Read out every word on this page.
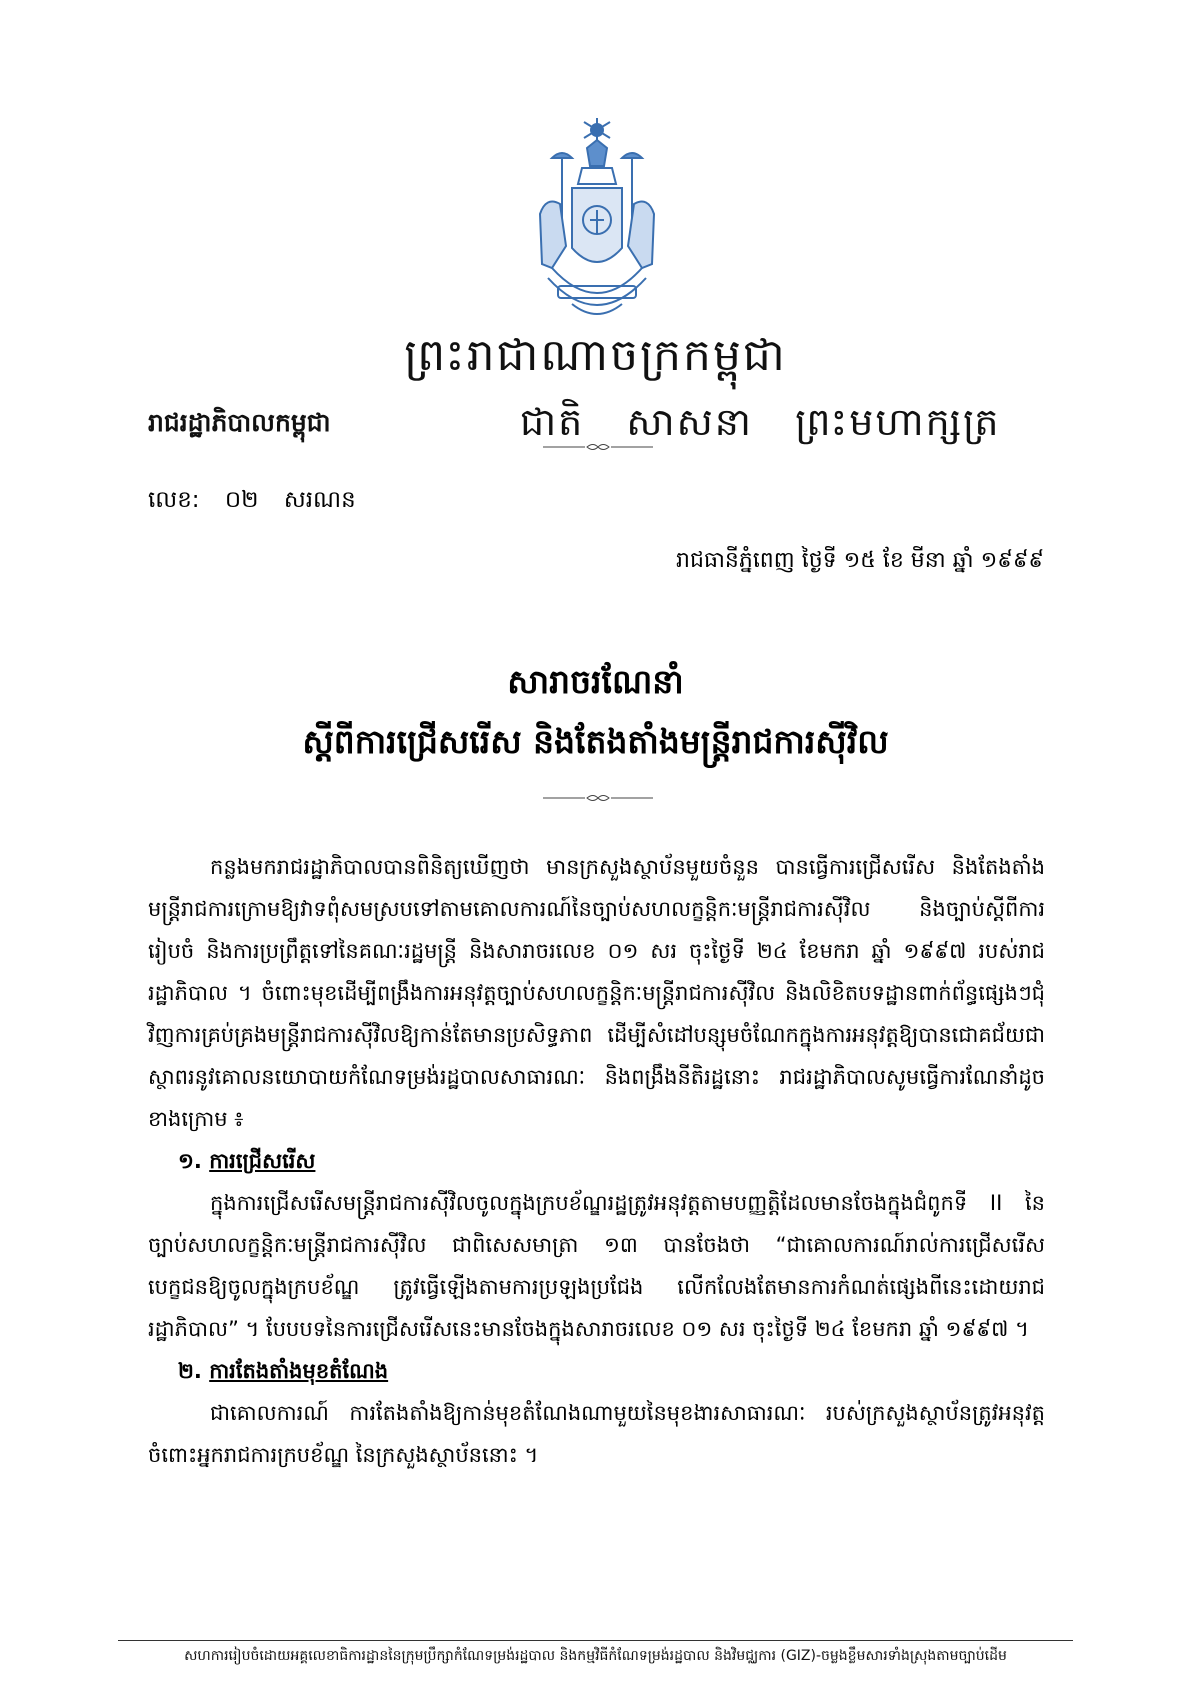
ព្រះរាជាណាចក្រកម្ពុជា
រាជរដ្ឋាភិបាលកម្ពុជា	ជាតិ សាសនា ព្រះមហាក្សត្រ
លេខ: ០២ សរណន
រាជធានីភ្នំពេញ ថ្ងៃទី ១៥ ខែ មីនា ឆ្នាំ ១៩៩៩
សារាចរណែនាំ
ស្តីពីការជ្រើសរើស និងតែងតាំងមន្ត្រីរាជការស៊ីវិល

កន្លងមករាជរដ្ឋាភិបាលបានពិនិត្យឃើញថា មានក្រសួងស្ថាប័នមួយចំនួន បានធ្វើការជ្រើសរើស និងតែងតាំងមន្ត្រីរាជការក្រោមឱ្យវាទពុំសមស្របទៅតាមគោលការណ៍នៃច្បាប់សហលក្ខន្តិកៈមន្ត្រីរាជការស៊ីវិល និងច្បាប់ស្តីពីការរៀបចំ និងការប្រព្រឹត្តទៅនៃគណៈរដ្ឋមន្ត្រី និងសារាចរលេខ ០១ សរ ចុះថ្ងៃទី ២៤ ខែមករា ឆ្នាំ ១៩៩៧ របស់រាជរដ្ឋាភិបាល ។ ចំពោះមុខដើម្បីពង្រឹងការអនុវត្តច្បាប់សហលក្ខន្តិកៈមន្ត្រីរាជការស៊ីវិល និងលិខិតបទដ្ឋានពាក់ព័ន្ធផ្សេងៗជុំវិញការគ្រប់គ្រងមន្ត្រីរាជការស៊ីវិលឱ្យកាន់តែមានប្រសិទ្ធភាព ដើម្បីសំដៅបន្សុមចំណែកក្នុងការអនុវត្តឱ្យបានជោគជ័យជាស្ថាពរនូវគោលនយោបាយកំណែទម្រង់រដ្ឋបាលសាធារណៈ និងពង្រឹងនីតិរដ្ឋនោះ រាជរដ្ឋាភិបាលសូមធ្វើការណែនាំដូចខាងក្រោម ៖

១. ការជ្រើសរើស

ក្នុងការជ្រើសរើសមន្ត្រីរាជការស៊ីវិលចូលក្នុងក្របខ័ណ្ឌរដ្ឋត្រូវអនុវត្តតាមបញ្ញត្តិដែលមានចែងក្នុងជំពូកទី II នៃច្បាប់សហលក្ខន្តិកៈមន្ត្រីរាជការស៊ីវិល ជាពិសេសមាត្រា ១៣ បានចែងថា “ជាគោលការណ៍រាល់ការជ្រើសរើសបេក្ខជនឱ្យចូលក្នុងក្របខ័ណ្ឌ ត្រូវធ្វើឡើងតាមការប្រឡងប្រជែង លើកលែងតែមានការកំណត់ផ្សេងពីនេះដោយរាជរដ្ឋាភិបាល” ។ បែបបទនៃការជ្រើសរើសនេះមានចែងក្នុងសារាចរលេខ ០១ សរ ចុះថ្ងៃទី ២៤ ខែមករា ឆ្នាំ ១៩៩៧ ។

២. ការតែងតាំងមុខតំណែង

ជាគោលការណ៍ ការតែងតាំងឱ្យកាន់មុខតំណែងណាមួយនៃមុខងារសាធារណៈ របស់ក្រសួងស្ថាប័នត្រូវអនុវត្តចំពោះអ្នករាជការក្របខ័ណ្ឌ នៃក្រសួងស្ថាប័ននោះ ។

សហការរៀបចំដោយអគ្គលេខាធិការដ្ឋាននៃក្រុមប្រឹក្សាកំណែទម្រង់រដ្ឋបាល និងកម្មវិធីកំណែទម្រង់រដ្ឋបាល និងវិមជ្ឈការ (GIZ)-ចម្លងខ្លឹមសារទាំងស្រុងតាមច្បាប់ដើម
